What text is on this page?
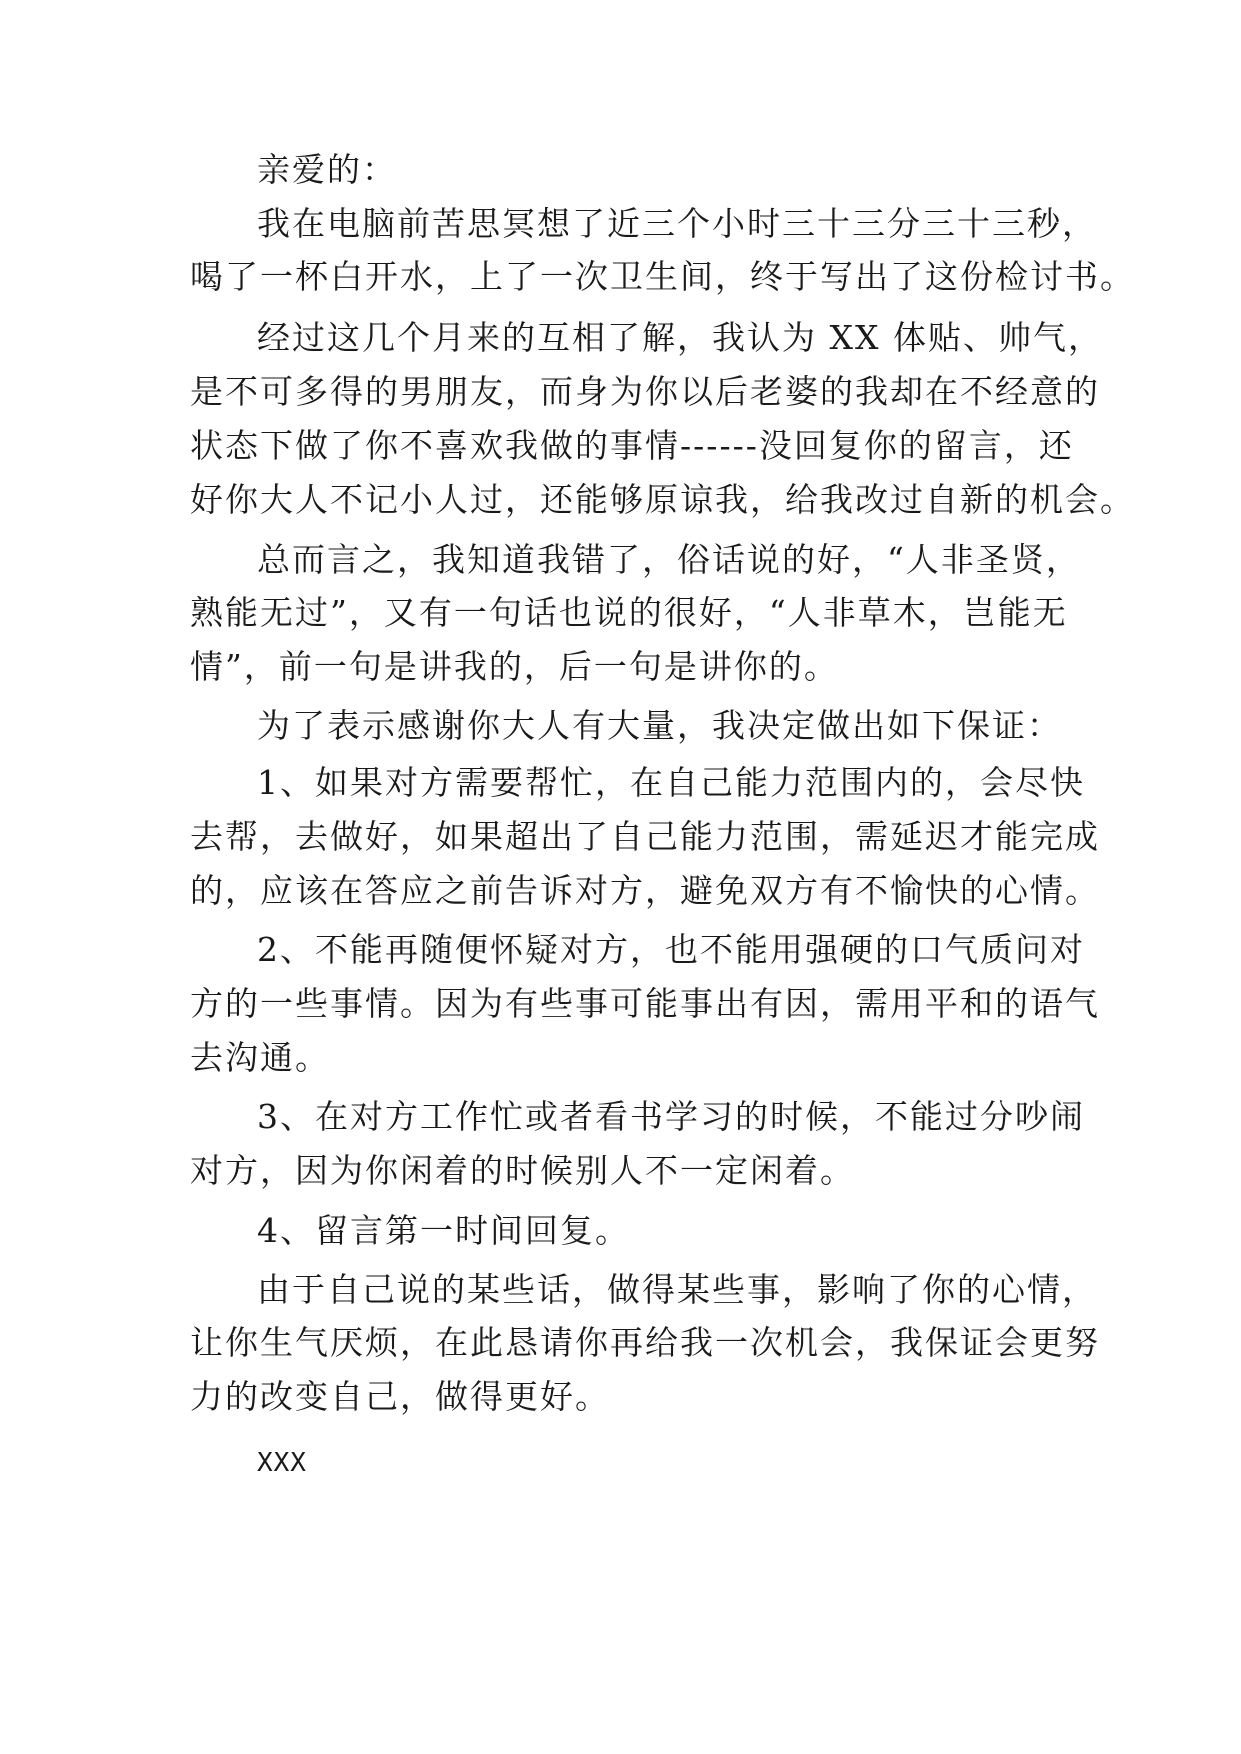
亲爱的：
我在电脑前苦思冥想了近三个小时三十三分三十三秒，
喝了一杯白开水，上了一次卫生间，终于写出了这份检讨书。
经过这几个月来的互相了解，我认为 XX 体贴、帅气，
是不可多得的男朋友，而身为你以后老婆的我却在不经意的
状态下做了你不喜欢我做的事情------没回复你的留言，还
好你大人不记小人过，还能够原谅我，给我改过自新的机会。
总而言之，我知道我错了，俗话说的好，“人非圣贤，
熟能无过”，又有一句话也说的很好，“人非草木，岂能无
情”，前一句是讲我的，后一句是讲你的。
为了表示感谢你大人有大量，我决定做出如下保证：
1、如果对方需要帮忙，在自己能力范围内的，会尽快
去帮，去做好，如果超出了自己能力范围，需延迟才能完成
的，应该在答应之前告诉对方，避免双方有不愉快的心情。
2、不能再随便怀疑对方，也不能用强硬的口气质问对
方的一些事情。因为有些事可能事出有因，需用平和的语气
去沟通。
3、在对方工作忙或者看书学习的时候，不能过分吵闹
对方，因为你闲着的时候别人不一定闲着。
4、留言第一时间回复。
由于自己说的某些话，做得某些事，影响了你的心情，
让你生气厌烦，在此恳请你再给我一次机会，我保证会更努
力的改变自己，做得更好。
XXX
